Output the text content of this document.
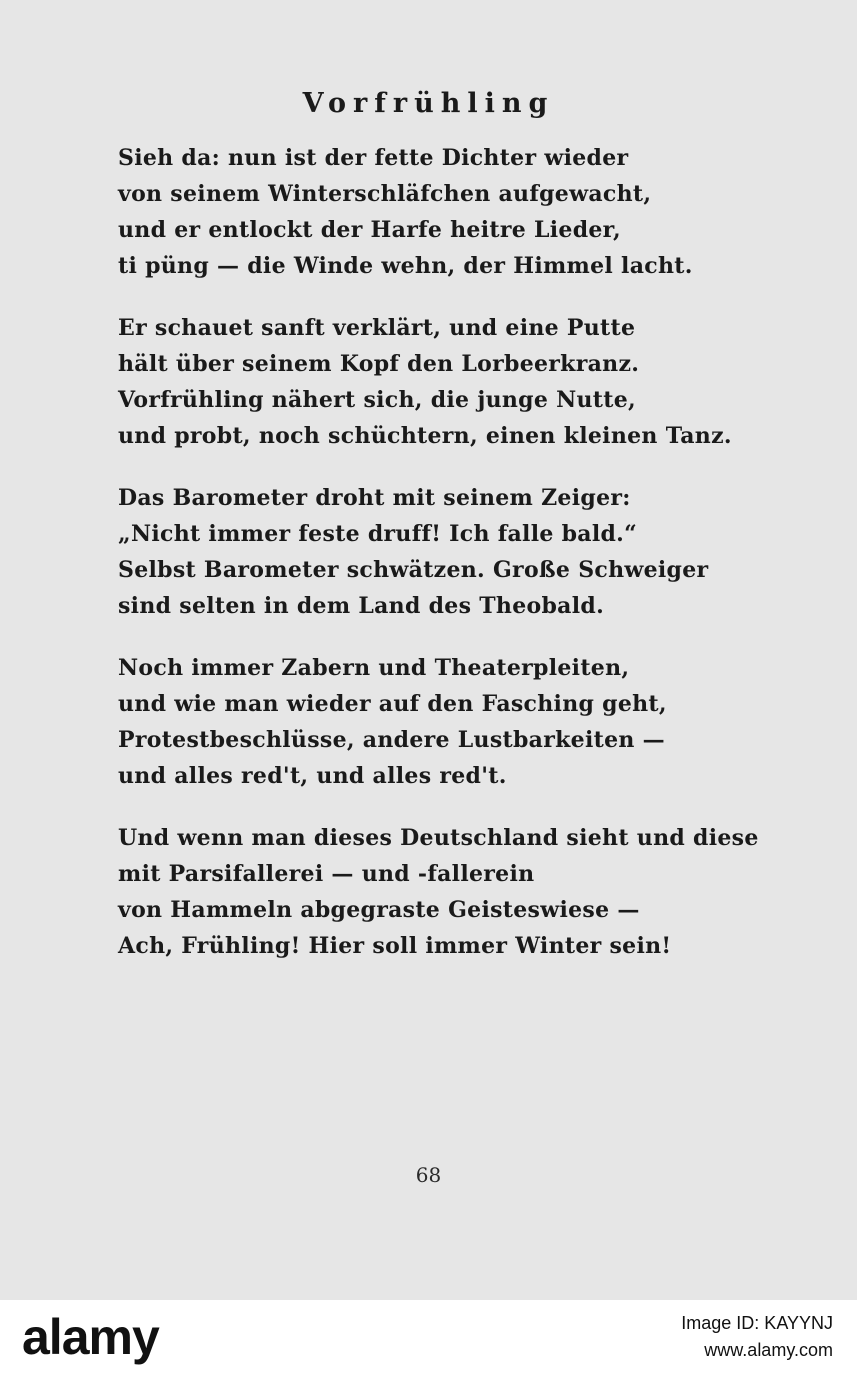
Vorfrühling
Sieh da: nun ist der fette Dichter wieder
von seinem Winterschläfchen aufgewacht,
und er entlockt der Harfe heitre Lieder,
ti püng — die Winde wehn, der Himmel lacht.
Er schauet sanft verklärt, und eine Putte
hält über seinem Kopf den Lorbeerkranz.
Vorfrühling nähert sich, die junge Nutte,
und probt, noch schüchtern, einen kleinen Tanz.
Das Barometer droht mit seinem Zeiger:
„Nicht immer feste druff! Ich falle bald.“
Selbst Barometer schwätzen. Große Schweiger
sind selten in dem Land des Theobald.
Noch immer Zabern und Theaterpleiten,
und wie man wieder auf den Fasching geht,
Protestbeschlüsse, andere Lustbarkeiten —
und alles red't, und alles red't.
Und wenn man dieses Deutschland sieht und diese
mit Parsifallerei — und -fallerein
von Hammeln abgegraste Geisteswiese —
Ach, Frühling! Hier soll immer Winter sein!
68
alamy	Image ID: KAYYNJ
www.alamy.com
